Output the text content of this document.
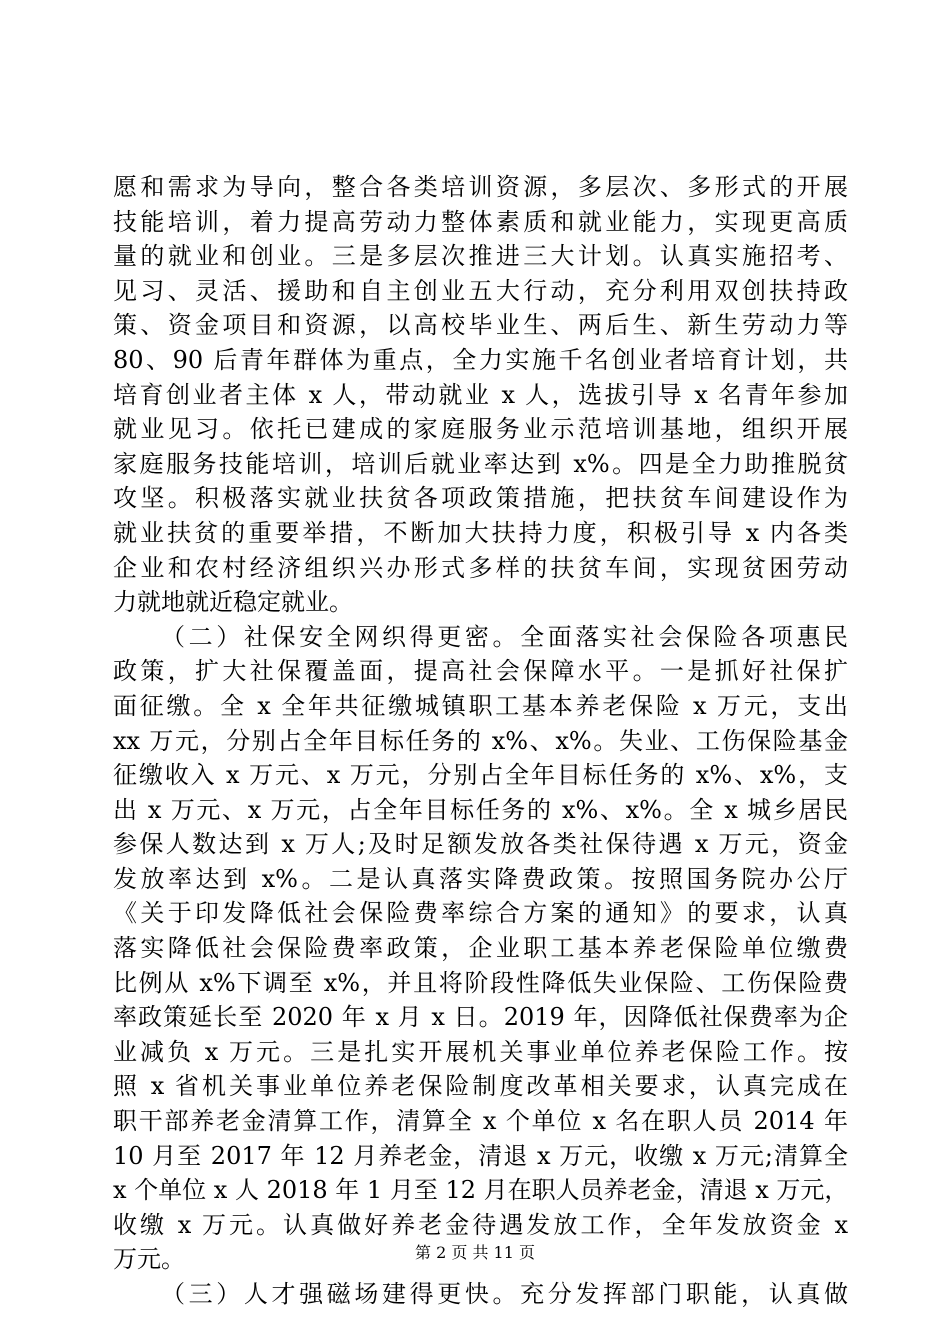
愿和需求为导向，整合各类培训资源，多层次、多形式的开展
技能培训，着力提高劳动力整体素质和就业能力，实现更高质
量的就业和创业。三是多层次推进三大计划。认真实施招考、
见习、灵活、援助和自主创业五大行动，充分利用双创扶持政
策、资金项目和资源，以高校毕业生、两后生、新生劳动力等
80、90 后青年群体为重点，全力实施千名创业者培育计划，共
培育创业者主体 x 人，带动就业 x 人，选拔引导 x 名青年参加
就业见习。依托已建成的家庭服务业示范培训基地，组织开展
家庭服务技能培训，培训后就业率达到 x%。四是全力助推脱贫
攻坚。积极落实就业扶贫各项政策措施，把扶贫车间建设作为
就业扶贫的重要举措，不断加大扶持力度，积极引导 x 内各类
企业和农村经济组织兴办形式多样的扶贫车间，实现贫困劳动
力就地就近稳定就业。
（二）社保安全网织得更密。全面落实社会保险各项惠民
政策，扩大社保覆盖面，提高社会保障水平。一是抓好社保扩
面征缴。全 x 全年共征缴城镇职工基本养老保险 x 万元，支出
xx 万元，分别占全年目标任务的 x%、x%。失业、工伤保险基金
征缴收入 x 万元、x 万元，分别占全年目标任务的 x%、x%，支
出 x 万元、x 万元，占全年目标任务的 x%、x%。全 x 城乡居民
参保人数达到 x 万人;及时足额发放各类社保待遇 x 万元，资金
发放率达到 x%。二是认真落实降费政策。按照国务院办公厅
《关于印发降低社会保险费率综合方案的通知》的要求，认真
落实降低社会保险费率政策，企业职工基本养老保险单位缴费
比例从 x%下调至 x%，并且将阶段性降低失业保险、工伤保险费
率政策延长至 2020 年 x 月 x 日。2019 年，因降低社保费率为企
业减负 x 万元。三是扎实开展机关事业单位养老保险工作。按
照 x 省机关事业单位养老保险制度改革相关要求，认真完成在
职干部养老金清算工作，清算全 x 个单位 x 名在职人员 2014 年
10 月至 2017 年 12 月养老金，清退 x 万元，收缴 x 万元;清算全
x 个单位 x 人 2018 年 1 月至 12 月在职人员养老金，清退 x 万元，
收缴 x 万元。认真做好养老金待遇发放工作，全年发放资金 x
万元。
（三）人才强磁场建得更快。充分发挥部门职能，认真做
第 2 页 共 11 页
